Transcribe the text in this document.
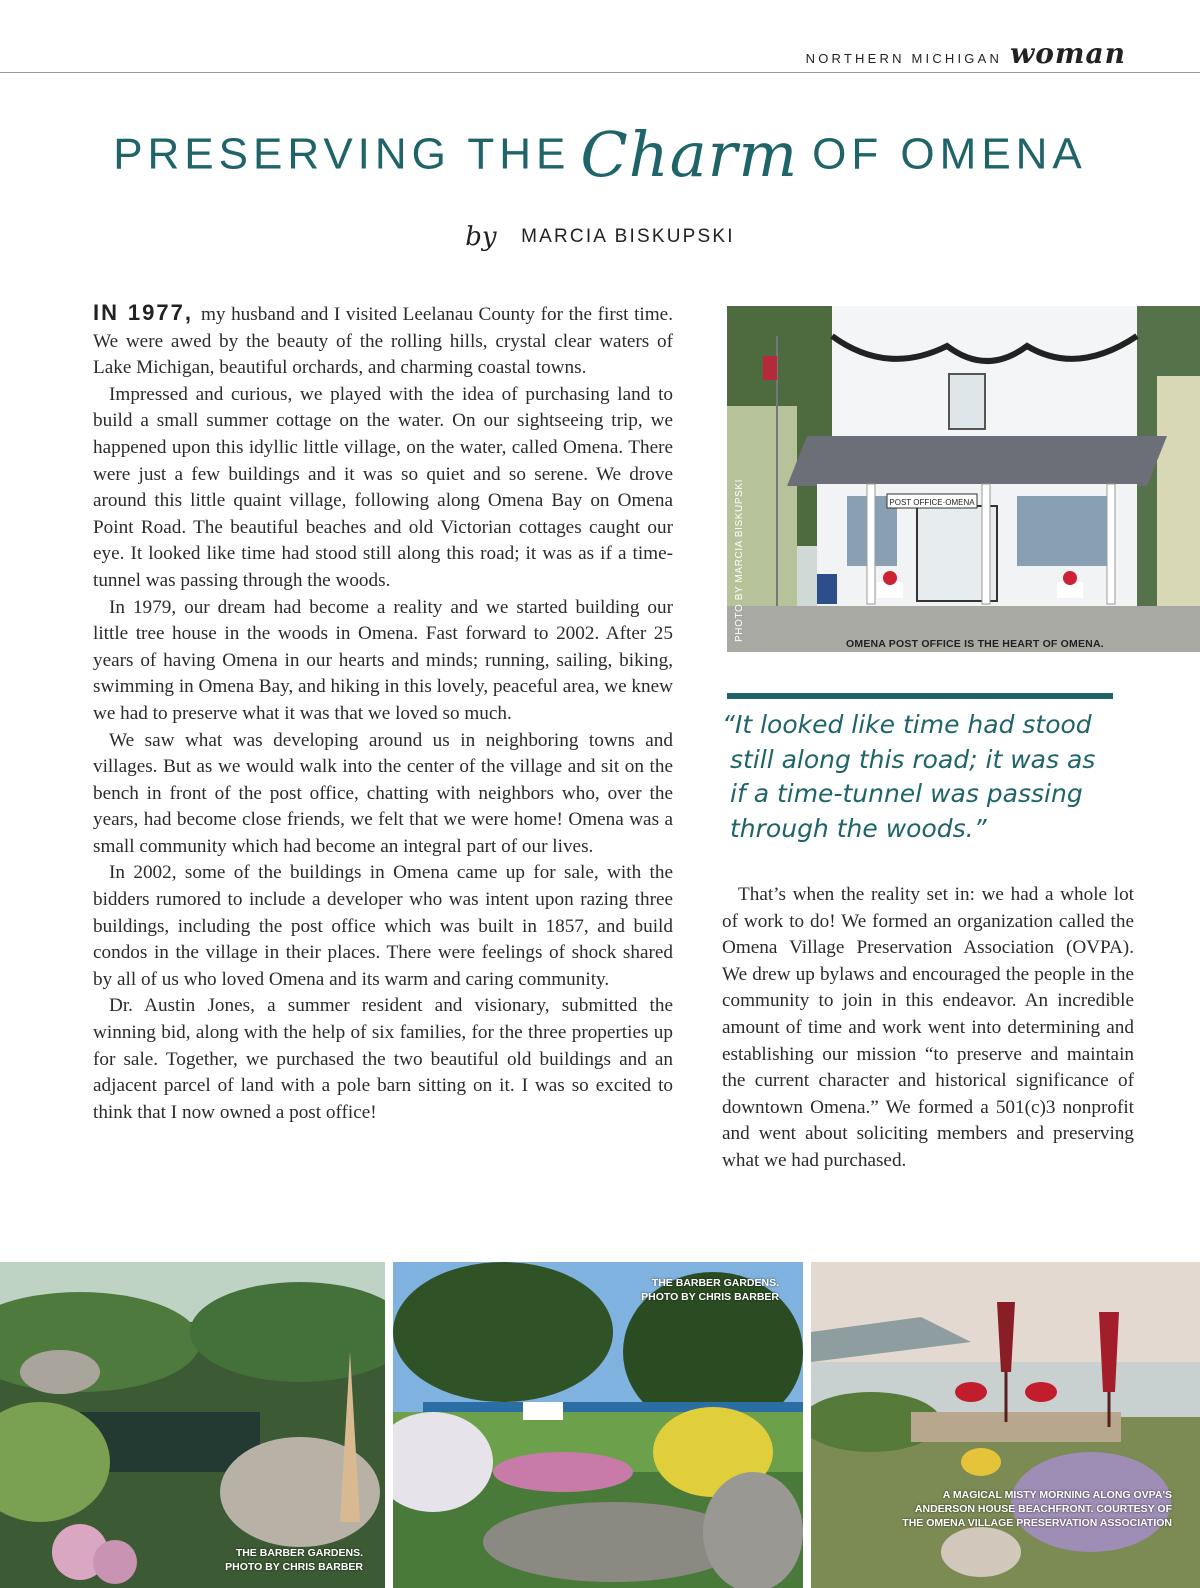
NORTHERN MICHIGAN woman
PRESERVING THE Charm OF OMENA
by MARCIA BISKUPSKI

IN 1977, my husband and I visited Leelanau County for the first time. We were awed by the beauty of the rolling hills, crystal clear waters of Lake Michigan, beautiful orchards, and charming coastal towns.

Impressed and curious, we played with the idea of purchasing land to build a small summer cottage on the water. On our sightseeing trip, we happened upon this idyllic little village, on the water, called Omena. There were just a few buildings and it was so quiet and so serene. We drove around this little quaint village, following along Omena Bay on Omena Point Road. The beautiful beaches and old Victorian cottages caught our eye. It looked like time had stood still along this road; it was as if a time-tunnel was passing through the woods.

In 1979, our dream had become a reality and we started building our little tree house in the woods in Omena. Fast forward to 2002. After 25 years of having Omena in our hearts and minds; running, sailing, biking, swimming in Omena Bay, and hiking in this lovely, peaceful area, we knew we had to preserve what it was that we loved so much.

We saw what was developing around us in neighboring towns and villages. But as we would walk into the center of the village and sit on the bench in front of the post office, chatting with neighbors who, over the years, had become close friends, we felt that we were home! Omena was a small community which had become an integral part of our lives.

In 2002, some of the buildings in Omena came up for sale, with the bidders rumored to include a developer who was intent upon razing three buildings, including the post office which was built in 1857, and build condos in the village in their places. There were feelings of shock shared by all of us who loved Omena and its warm and caring community.

Dr. Austin Jones, a summer resident and visionary, submitted the winning bid, along with the help of six families, for the three properties up for sale. Together, we purchased the two beautiful old buildings and an adjacent parcel of land with a pole barn sitting on it. I was so excited to think that I now owned a post office!

POST OFFICE·OMENA
PHOTO BY MARCIA BISKUPSKI
OMENA POST OFFICE IS THE HEART OF OMENA.
“It looked like time had stood
still along this road; it was as
if a time-tunnel was passing
through the woods.”

That’s when the reality set in: we had a whole lot of work to do! We formed an organization called the Omena Village Preservation Association (OVPA). We drew up bylaws and encouraged the people in the community to join in this endeavor. An incredible amount of time and work went into determining and establishing our mission “to preserve and maintain the current character and historical significance of downtown Omena.” We formed a 501(c)3 nonprofit and went about soliciting members and preserving what we had purchased.

THE BARBER GARDENS.
PHOTO BY CHRIS BARBER
THE BARBER GARDENS.
PHOTO BY CHRIS BARBER
A MAGICAL MISTY MORNING ALONG OVPA'S
ANDERSON HOUSE BEACHFRONT. COURTESY OF
THE OMENA VILLAGE PRESERVATION ASSOCIATION
